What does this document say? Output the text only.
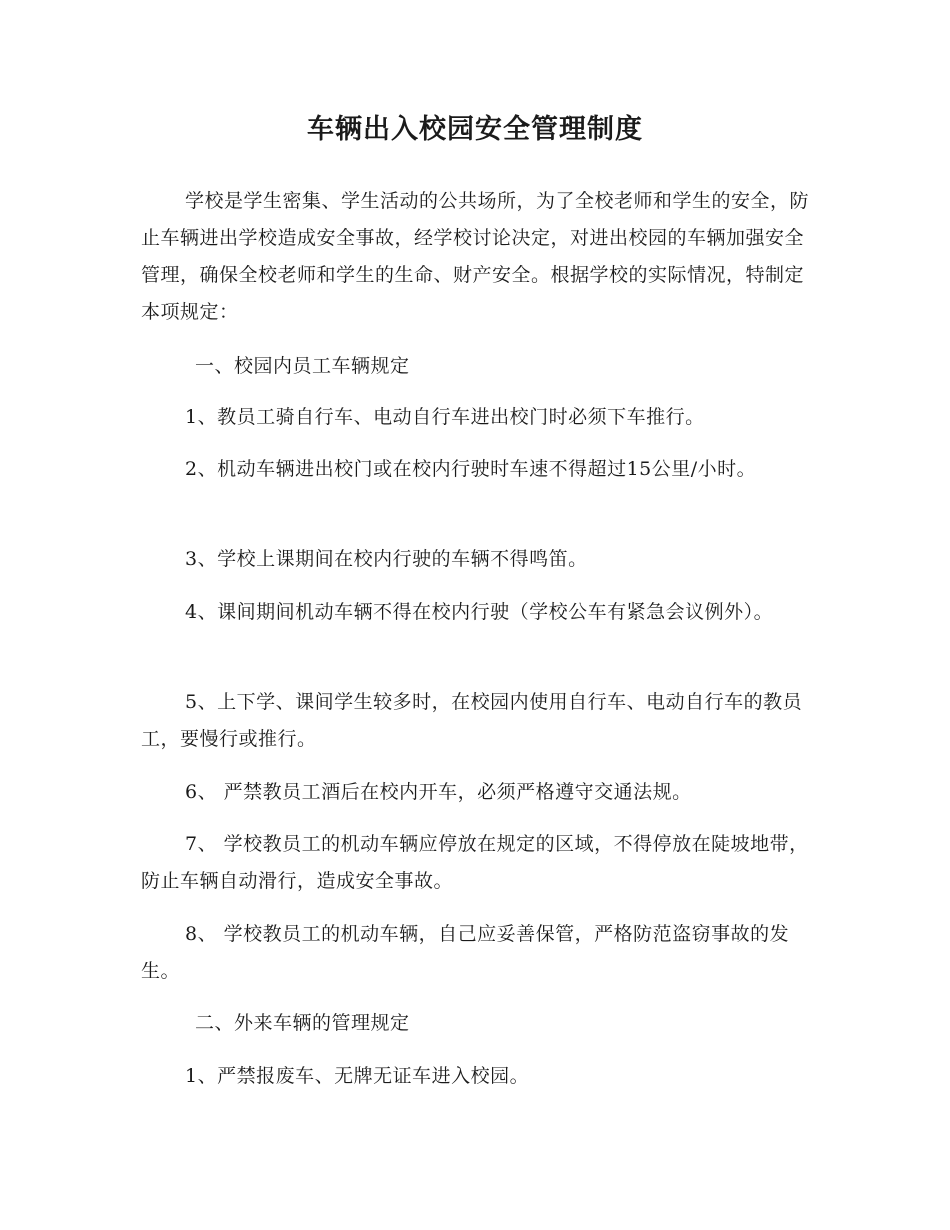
车辆出入校园安全管理制度

学校是学生密集、学生活动的公共场所，为了全校老师和学生的安全，防止车辆进出学校造成安全事故，经学校讨论决定，对进出校园的车辆加强安全管理，确保全校老师和学生的生命、财产安全。根据学校的实际情况，特制定本项规定：

一、校园内员工车辆规定

1、教员工骑自行车、电动自行车进出校门时必须下车推行。

2、机动车辆进出校门或在校内行驶时车速不得超过15公里/小时。

3、学校上课期间在校内行驶的车辆不得鸣笛。

4、课间期间机动车辆不得在校内行驶（学校公车有紧急会议例外）。

5、上下学、课间学生较多时，在校园内使用自行车、电动自行车的教员工，要慢行或推行。

6、 严禁教员工酒后在校内开车，必须严格遵守交通法规。

7、 学校教员工的机动车辆应停放在规定的区域，不得停放在陡坡地带，防止车辆自动滑行，造成安全事故。

8、 学校教员工的机动车辆，自己应妥善保管，严格防范盗窃事故的发生。

二、外来车辆的管理规定

1、严禁报废车、无牌无证车进入校园。
